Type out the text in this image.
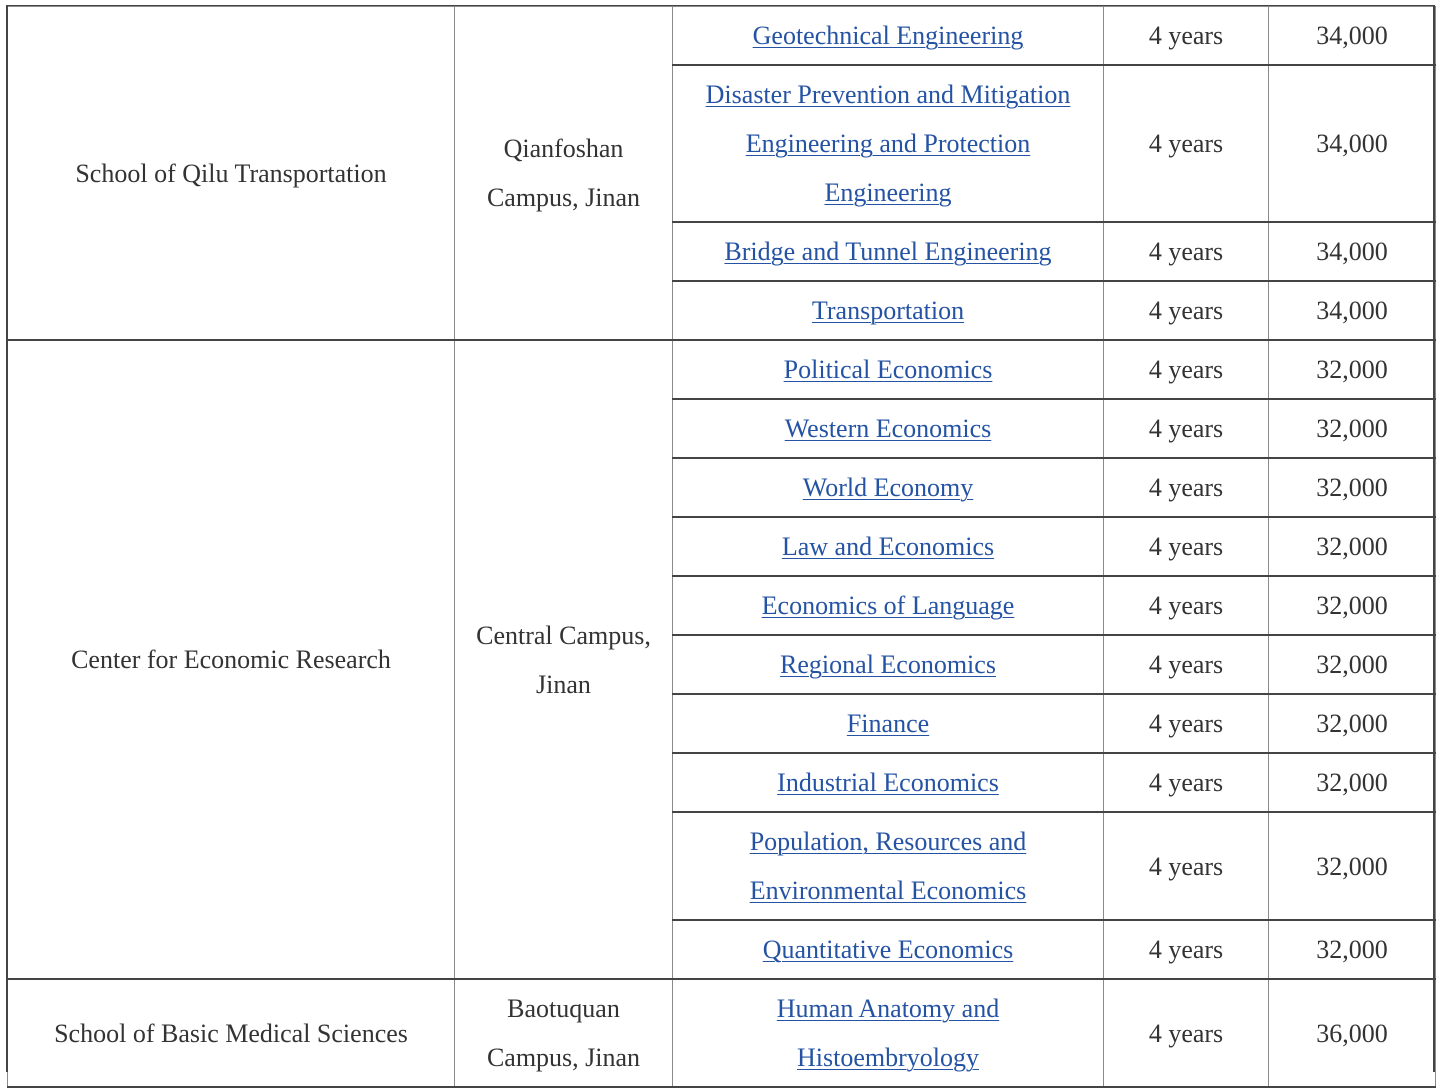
School of Qilu Transportation	Qianfoshan Campus, Jinan	Geotechnical Engineering	4 years	34,000
		Disaster Prevention and Mitigation Engineering and Protection Engineering	4 years	34,000
		Bridge and Tunnel Engineering	4 years	34,000
		Transportation	4 years	34,000
Center for Economic Research	Central Campus, Jinan	Political Economics	4 years	32,000
		Western Economics	4 years	32,000
		World Economy	4 years	32,000
		Law and Economics	4 years	32,000
		Economics of Language	4 years	32,000
		Regional Economics	4 years	32,000
		Finance	4 years	32,000
		Industrial Economics	4 years	32,000
		Population, Resources and Environmental Economics	4 years	32,000
		Quantitative Economics	4 years	32,000
School of Basic Medical Sciences	Baotuquan Campus, Jinan	Human Anatomy and Histoembryology	4 years	36,000
